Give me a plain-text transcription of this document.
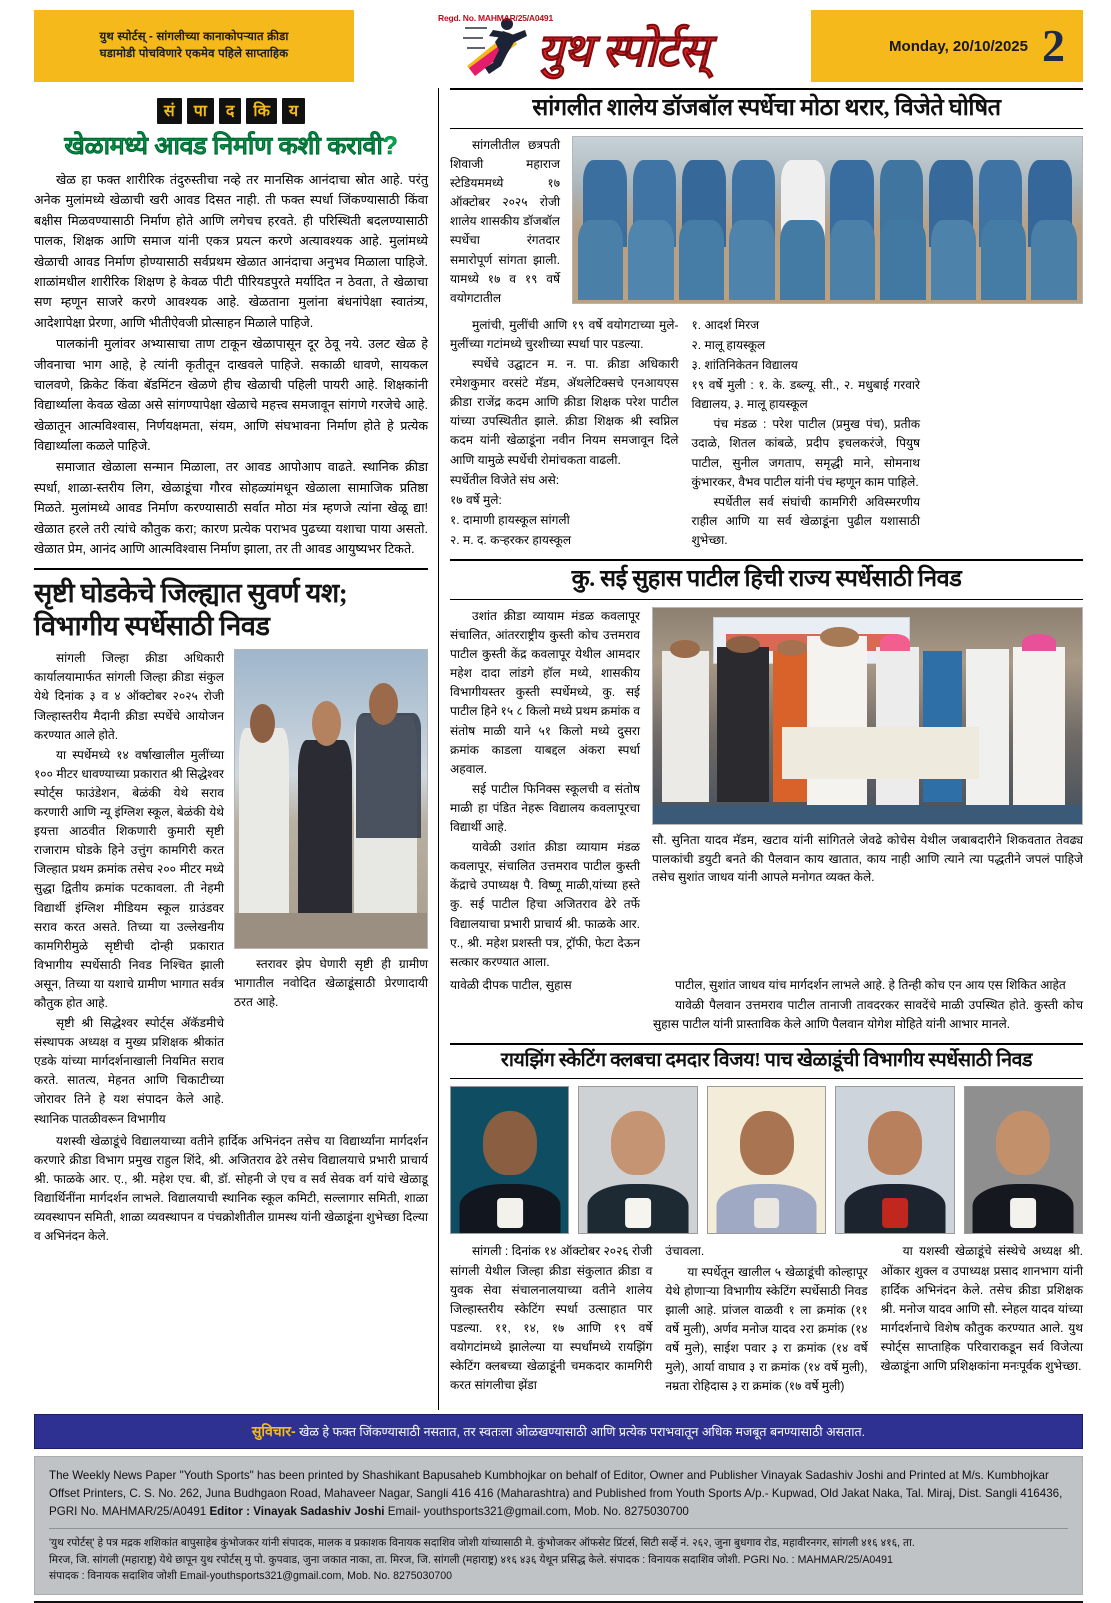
युथ स्पोर्टस् - सांगलीच्या कानाकोपऱ्यात क्रीडा
घडामोडी पोचविणारे एकमेव पहिले साप्ताहिक
Regd. No. MAHMAR/25/A0491
युथ स्पोर्टस्	Monday, 20/10/2025 2
सं	पा	द	कि	य
खेळामध्ये आवड निर्माण कशी करावी?

खेळ हा फक्त शारीरिक तंदुरुस्तीचा नव्हे तर मानसिक आनंदाचा स्रोत आहे. परंतु अनेक मुलांमध्ये खेळाची खरी आवड दिसत नाही. ती फक्त स्पर्धा जिंकण्यासाठी किंवा बक्षीस मिळवण्यासाठी निर्माण होते आणि लगेचच हरवते. ही परिस्थिती बदलण्यासाठी पालक, शिक्षक आणि समाज यांनी एकत्र प्रयत्न करणे अत्यावश्यक आहे. मुलांमध्ये खेळाची आवड निर्माण होण्यासाठी सर्वप्रथम खेळात आनंदाचा अनुभव मिळाला पाहिजे. शाळांमधील शारीरिक शिक्षण हे केवळ पीटी पीरियडपुरते मर्यादित न ठेवता, ते खेळाचा सण म्हणून साजरे करणे आवश्यक आहे. खेळताना मुलांना बंधनांपेक्षा स्वातंत्र्य, आदेशापेक्षा प्रेरणा, आणि भीतीऐवजी प्रोत्साहन मिळाले पाहिजे.

पालकांनी मुलांवर अभ्यासाचा ताण टाकून खेळापासून दूर ठेवू नये. उलट खेळ हे जीवनाचा भाग आहे, हे त्यांनी कृतीतून दाखवले पाहिजे. सकाळी धावणे, सायकल चालवणे, क्रिकेट किंवा बॅडमिंटन खेळणे हीच खेळाची पहिली पायरी आहे. शिक्षकांनी विद्यार्थ्याला केवळ खेळा असे सांगण्यापेक्षा खेळाचे महत्त्व समजावून सांगणे गरजेचे आहे. खेळातून आत्मविश्वास, निर्णयक्षमता, संयम, आणि संघभावना निर्माण होते हे प्रत्येक विद्यार्थ्याला कळले पाहिजे.

समाजात खेळाला सन्मान मिळाला, तर आवड आपोआप वाढते. स्थानिक क्रीडा स्पर्धा, शाळा-स्तरीय लिग, खेळाडूंचा गौरव सोहळ्यांमधून खेळाला सामाजिक प्रतिष्ठा मिळते. मुलांमध्ये आवड निर्माण करण्यासाठी सर्वात मोठा मंत्र म्हणजे त्यांना खेळू द्या! खेळात हरले तरी त्यांचे कौतुक करा; कारण प्रत्येक पराभव पुढच्या यशाचा पाया असतो. खेळात प्रेम, आनंद आणि आत्मविश्वास निर्माण झाला, तर ती आवड आयुष्यभर टिकते.

सृष्टी घोडकेचे जिल्ह्यात सुवर्ण यश; विभागीय स्पर्धेसाठी निवड

सांगली जिल्हा क्रीडा अधिकारी कार्यालयामार्फत सांगली जिल्हा क्रीडा संकुल येथे दिनांक ३ व ४ ऑक्टोबर २०२५ रोजी जिल्हास्तरीय मैदानी क्रीडा स्पर्धेचे आयोजन करण्यात आले होते.

या स्पर्धेमध्ये १४ वर्षाखालील मुलींच्या १०० मीटर धावण्याच्या प्रकारात श्री सिद्धेश्वर स्पोर्ट्स फाउंडेशन, बेळंकी येथे सराव करणारी आणि न्यू इंग्लिश स्कूल, बेळंकी येथे इयत्ता आठवीत शिकणारी कुमारी सृष्टी राजाराम घोडके हिने उत्तुंग कामगिरी करत जिल्हात प्रथम क्रमांक तसेच २०० मीटर मध्ये सुद्धा द्वितीय क्रमांक पटकावला. ती नेहमी विद्यार्थी इंग्लिश मीडियम स्कूल ग्राउंडवर सराव करत असते. तिच्या या उल्लेखनीय कामगिरीमुळे सृष्टीची दोन्ही प्रकारात विभागीय स्पर्धेसाठी निवड निश्चित झाली असून, तिच्या या यशाचे ग्रामीण भागात सर्वत्र कौतुक होत आहे.

सृष्टी श्री सिद्धेश्वर स्पोर्ट्स अ‍ॅकॅडमीचे संस्थापक अध्यक्ष व मुख्य प्रशिक्षक श्रीकांत एडके यांच्या मार्गदर्शनाखाली नियमित सराव करते. सातत्य, मेहनत आणि चिकाटीच्या जोरावर तिने हे यश संपादन केले आहे. स्थानिक पातळीवरून विभागीय

स्तरावर झेप घेणारी सृष्टी ही ग्रामीण भागातील नवोदित खेळाडूंसाठी प्रेरणादायी ठरत आहे.

यशस्वी खेळाडूंचे विद्यालयाच्या वतीने हार्दिक अभिनंदन तसेच या विद्यार्थ्यांना मार्गदर्शन करणारे क्रीडा विभाग प्रमुख राहुल शिंदे, श्री. अजितराव ढेरे तसेच विद्यालयाचे प्रभारी प्राचार्य श्री. फाळके आर. ए., श्री. महेश एच. बी, डॉ. सोहनी जे एच व सर्व सेवक वर्ग यांचे खेळाडू विद्यार्थिनींना मार्गदर्शन लाभले. विद्यालयाची स्थानिक स्कूल कमिटी, सल्लागार समिती, शाळा व्यवस्थापन समिती, शाळा व्यवस्थापन व पंचक्रोशीतील ग्रामस्थ यांनी खेळाडूंना शुभेच्छा दिल्या व अभिनंदन केले.

सांगलीत शालेय डॉजबॉल स्पर्धेचा मोठा थरार, विजेते घोषित

सांगलीतील छत्रपती शिवाजी महाराज स्टेडियममध्ये १७ ऑक्टोबर २०२५ रोजी शालेय शासकीय डॉजबॉल स्पर्धेचा रंगतदार समारोपूर्ण सांगता झाली. यामध्ये १७ व १९ वर्षे वयोगटातील

मुलांची, मुलींची आणि १९ वर्षे वयोगटाच्या मुले-मुलींच्या गटांमध्ये चुरशीच्या स्पर्धा पार पडल्या.

स्पर्धेचे उद्घाटन म. न. पा. क्रीडा अधिकारी रमेशकुमार वरसंटे मॅडम, अ‍ॅथलेटिक्सचे एनआयएस क्रीडा राजेंद्र कदम आणि क्रीडा शिक्षक परेश पाटील यांच्या उपस्थितीत झाले. क्रीडा शिक्षक श्री स्वप्निल कदम यांनी खेळाडूंना नवीन नियम समजावून दिले आणि यामुळे स्पर्धेची रोमांचकता वाढली.

स्पर्धेतील विजेते संघ असे:

१७ वर्षे मुले:

१. दामाणी हायस्कूल सांगली

२. म. द. कऱ्हरकर हायस्कूल

१. आदर्श मिरज

२. मालू हायस्कूल

३. शांतिनिकेतन विद्यालय

१९ वर्षे मुली : १. के. डब्ल्यू. सी., २. मधुबाई गरवारे विद्यालय, ३. मालू हायस्कूल

पंच मंडळ : परेश पाटील (प्रमुख पंच), प्रतीक उदाळे, शितल कांबळे, प्रदीप इचलकरंजे, पियुष पाटील, सुनील जगताप, समृद्धी माने, सोमनाथ कुंभारकर, वैभव पाटील यांनी पंच म्हणून काम पाहिले.

स्पर्धेतील सर्व संघांची कामगिरी अविस्मरणीय राहील आणि या सर्व खेळाडूंना पुढील यशासाठी शुभेच्छा.

कु. सई सुहास पाटील हिची राज्य स्पर्धेसाठी निवड

उशांत क्रीडा व्यायाम मंडळ कवलापूर संचालित, आंतरराष्ट्रीय कुस्ती कोच उत्तमराव पाटील कुस्ती केंद्र कवलापूर येथील आमदार महेश दादा लांडगे हॉल मध्ये, शासकीय विभागीयस्तर कुस्ती स्पर्धेमध्ये, कु. सई पाटील हिने १५ ८ किलो मध्ये प्रथम क्रमांक व संतोष माळी याने ५१ किलो मध्ये दुसरा क्रमांक काडला याबद्दल अंकरा स्पर्धा अहवाल.

सई पाटील फिनिक्स स्कूलची व संतोष माळी हा पंडित नेहरू विद्यालय कवलापूरचा विद्यार्थी आहे.

यावेळी उशांत क्रीडा व्यायाम मंडळ कवलापूर, संचालित उत्तमराव पाटील कुस्ती केंद्राचे उपाध्यक्ष पै. विष्णू माळी,यांच्या हस्ते कु. सई पाटील हिचा अजितराव ढेरे तर्फे विद्यालयाचा प्रभारी प्राचार्य श्री. फाळके आर. ए., श्री. महेश प्रशस्ती पत्र, ट्रॉफी, फेटा देऊन सत्कार करण्यात आला.

सौ. सुनिता यादव मॅडम, खटाव यांनी सांगितले जेवढे कोचेस येथील जबाबदारीने शिकवतात तेवढ्य पालकांची डयुटी बनते की पैलवान काय खातात, काय नाही आणि त्याने त्या पद्धतीने जपलं पाहिजे तसेच सुशांत जाधव यांनी आपले मनोगत व्यक्त केले.

यावेळी दीपक पाटील, सुहास	पाटील, सुशांत जाधव यांच मार्गदर्शन लाभले आहे. हे तिन्ही कोच एन आय एस शिकित आहेत

यावेळी पैलवान उत्तमराव पाटील तानाजी तावदरकर सावदेंचे माळी उपस्थित होते. कुस्ती कोच सुहास पाटील यांनी प्रास्ताविक केले आणि पैलवान योगेश मोहिते यांनी आभार मानले.

रायझिंग स्केटिंग क्लबचा दमदार विजय! पाच खेळाडूंची विभागीय स्पर्धेसाठी निवड

सांगली : दिनांक १४ ऑक्टोबर २०२६ रोजी सांगली येथील जिल्हा क्रीडा संकुलात क्रीडा व युवक सेवा संचालनालयाच्या वतीने शालेय जिल्हास्तरीय स्केटिंग स्पर्धा उत्साहात पार पडल्या. ११, १४, १७ आणि १९ वर्षे वयोगटांमध्ये झालेल्या या स्पर्धांमध्ये रायझिंग स्केटिंग क्लबच्या खेळाडूंनी चमकदार कामगिरी करत सांगलीचा झेंडा

उंचावला.

या स्पर्धेतून खालील ५ खेळाडूंची कोल्हापूर येथे होणाऱ्या विभागीय स्केटिंग स्पर्धेसाठी निवड झाली आहे. प्रांजल वाळवी १ ला क्रमांक (११ वर्षे मुली), अर्णव मनोज यादव २रा क्रमांक (१४ वर्षे मुले), साईश पवार ३ रा क्रमांक (१४ वर्षे मुले), आर्या वाघाव ३ रा क्रमांक (१४ वर्षे मुली), नम्रता रोहिदास ३ रा क्रमांक (१७ वर्षे मुली)

या यशस्वी खेळाडूंचे संस्थेचे अध्यक्ष श्री. ओंकार शुक्ल व उपाध्यक्ष प्रसाद शानभाग यांनी हार्दिक अभिनंदन केले. तसेच क्रीडा प्रशिक्षक श्री. मनोज यादव आणि सौ. स्नेहल यादव यांच्या मार्गदर्शनाचे विशेष कौतुक करण्यात आले. युथ स्पोर्ट्स साप्ताहिक परिवाराकडून सर्व विजेत्या खेळाडूंना आणि प्रशिक्षकांना मनःपूर्वक शुभेच्छा.

सुविचार- खेळ हे फक्त जिंकण्यासाठी नसतात, तर स्वतःला ओळखण्यासाठी आणि प्रत्येक पराभवातून अधिक मजबूत बनण्यासाठी असतात.
The Weekly News Paper "Youth Sports" has been printed by Shashikant Bapusaheb Kumbhojkar on behalf of Editor, Owner and Publisher Vinayak Sadashiv Joshi and Printed at M/s. Kumbhojkar Offset Printers, C. S. No. 262, Juna Budhgaon Road, Mahaveer Nagar, Sangli 416 416 (Maharashtra) and Published from Youth Sports A/p.- Kupwad, Old Jakat Naka, Tal. Miraj, Dist. Sangli 416436, PGRI No. MAHMAR/25/A0491 Editor : Vinayak Sadashiv Joshi Email- youthsports321@gmail.com, Mob. No. 8275030700
'युथ रपोर्टस्' हे पत्र मद्रक शशिकांत बापुसाहेब कुंभोजकर यांनी संपादक, मालक व प्रकाशक विनायक सदाशिव जोशी यांच्यासाठी मे. कुंभोजकर ऑफसेट प्रिंटर्स, सिटी सर्व्हे नं. २६२, जुना बुधगाव रोड, महावीरनगर, सांगली ४१६ ४१६, ता.
मिरज, जि. सांगली (महाराष्ट्र) येथे छापून युथ रपोर्टस् मु पो. कुपवाड, जुना जकात नाका, ता. मिरज, जि. सांगली (महाराष्ट्र) ४१६ ४३६ येथून प्रसिद्ध केले. संपादक : विनायक सदाशिव जोशी. PGRI No. : MAHMAR/25/A0491
संपादक : विनायक सदाशिव जोशी Email-youthsports321@gmail.com, Mob. No. 8275030700
